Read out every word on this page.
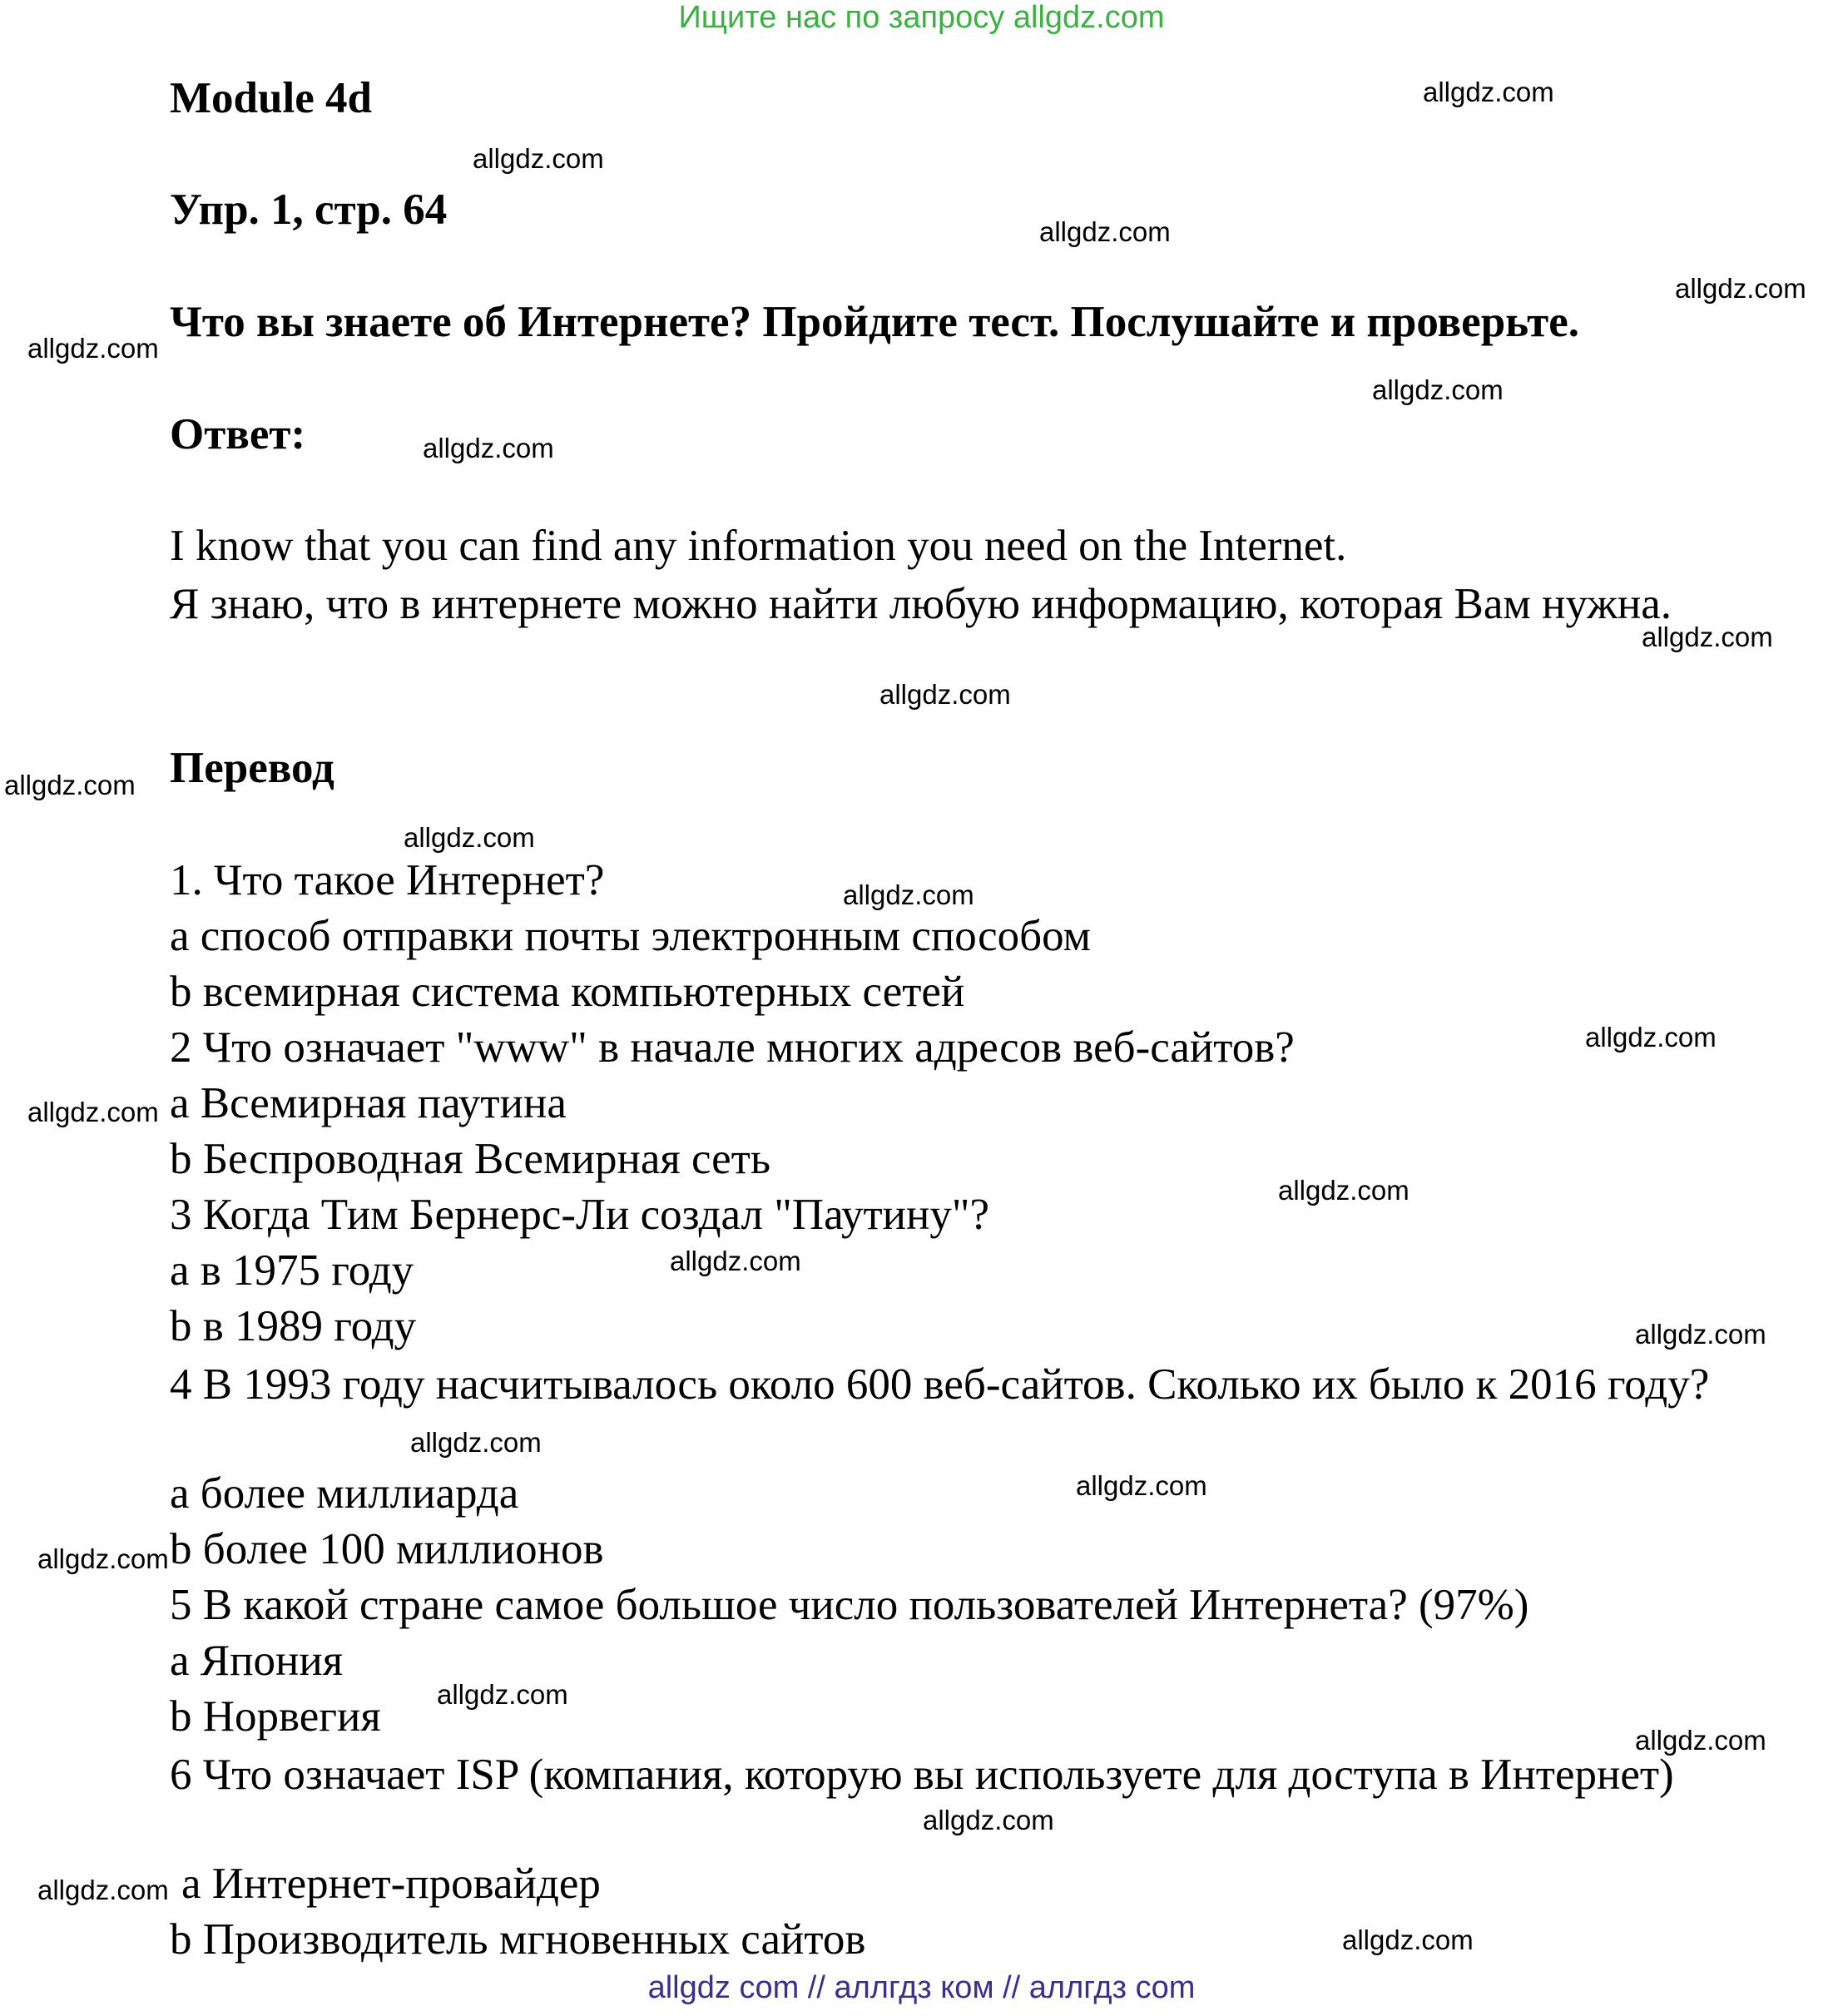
Ищите нас по запросу allgdz.com
Module 4d
Упр. 1, стр. 64
Что вы знаете об Интернете? Пройдите тест. Послушайте и проверьте.
Ответ:
I know that you can find any information you need on the Internet.
Я знаю, что в интернете можно найти любую информацию, которая Вам нужна.
Перевод
1. Что такое Интернет?
a способ отправки почты электронным способом
b всемирная система компьютерных сетей
2 Что означает "www" в начале многих адресов веб-сайтов?
a Всемирная паутина
b Беспроводная Всемирная сеть
3 Когда Тим Бернерс-Ли создал "Паутину"?
a в 1975 году
b в 1989 году
4 В 1993 году насчитывалось около 600 веб-сайтов. Сколько их было к 2016 году?
a более миллиарда
b более 100 миллионов
5 В какой стране самое большое число пользователей Интернета? (97%)
a Япония
b Норвегия
6 Что означает ISP (компания, которую вы используете для доступа в Интернет)
a Интернет-провайдер
b Производитель мгновенных сайтов
allgdz.com
allgdz.com
allgdz.com
allgdz.com
allgdz.com
allgdz.com
allgdz.com
allgdz.com
allgdz.com
allgdz.com
allgdz.com
allgdz.com
allgdz.com
allgdz.com
allgdz.com
allgdz.com
allgdz.com
allgdz.com
allgdz.com
allgdz.com
allgdz.com
allgdz.com
allgdz.com
allgdz.com
allgdz.com
allgdz com // аллгдз ком // аллгдз com
